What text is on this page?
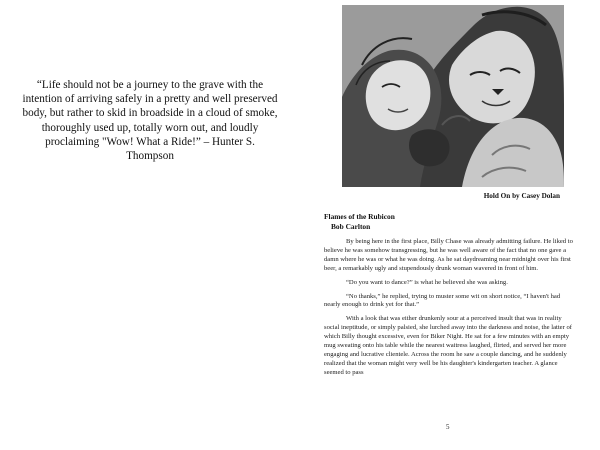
“Life should not be a journey to the grave with the intention of arriving safely in a pretty and well preserved body, but rather to skid in broadside in a cloud of smoke, thoroughly used up, totally worn out, and loudly proclaiming "Wow! What a Ride!” – Hunter S. Thompson
Hold On by Casey Dolan
Flames of the Rubicon
Bob Carlton

By being here in the first place, Billy Chase was already admitting failure. He liked to believe he was somehow transgressing, but he was well aware of the fact that no one gave a damn where he was or what he was doing. As he sat daydreaming near midnight over his first beer, a remarkably ugly and stupendously drunk woman wavered in front of him.

“Do you want to dance?” is what he believed she was asking.

“No thanks,” he replied, trying to muster some wit on short notice, “I haven't had nearly enough to drink yet for that.”

With a look that was either drunkenly sour at a perceived insult that was in reality social ineptitude, or simply palsied, she lurched away into the darkness and noise, the latter of which Billy thought excessive, even for Biker Night. He sat for a few minutes with an empty mug sweating onto his table while the nearest waitress laughed, flirted, and served her more engaging and lucrative clientele. Across the room he saw a couple dancing, and he suddenly realized that the woman might very well be his daughter's kindergarten teacher. A glance seemed to pass

5
